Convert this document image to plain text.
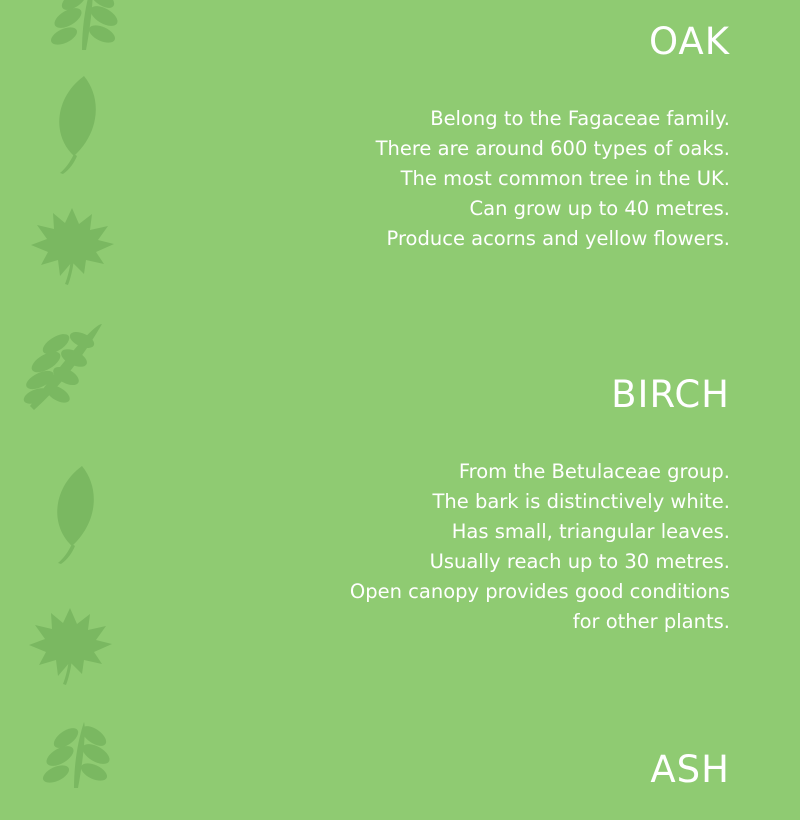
OAK
Belong to the Fagaceae family.
There are around 600 types of oaks.
The most common tree in the UK.
Can grow up to 40 metres.
Produce acorns and yellow flowers.
BIRCH
From the Betulaceae group.
The bark is distinctively white.
Has small, triangular leaves.
Usually reach up to 30 metres.
Open canopy provides good conditions
for other plants.
ASH
